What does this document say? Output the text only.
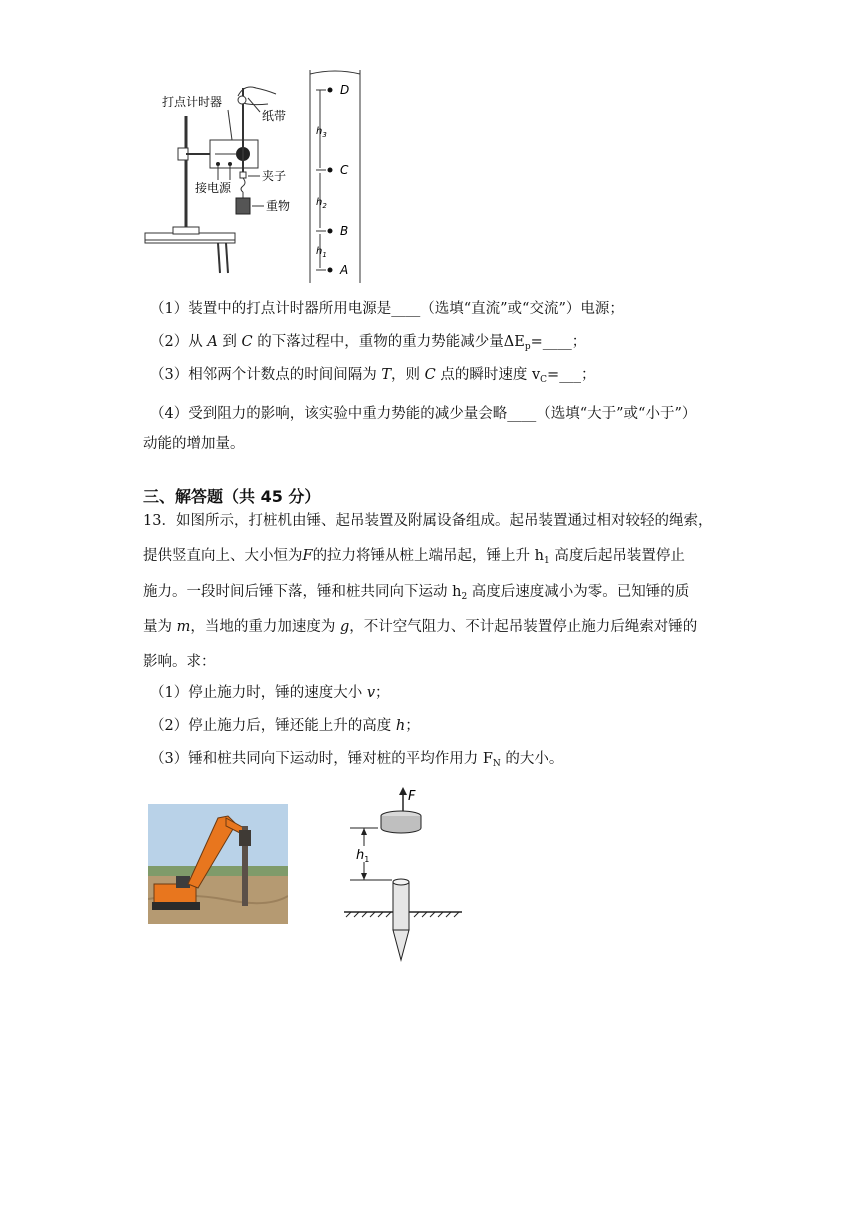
打点计时器
纸带
夹子
接电源
重物
D
C
B
A
$h_3$
$h_2$
$h_1$
（1）装置中的打点计时器所用电源是____（选填“直流”或“交流”）电源；
（2）从 A 到 C 的下落过程中，重物的重力势能减少量$\Delta E_p=\_\_\_\_$；
（3）相邻两个计数点的时间间隔为 T，则 C 点的瞬时速度 $v_C=\_\_\_$；
（4）受到阻力的影响，该实验中重力势能的减少量会略____（选填“大于”或“小于”）
动能的增加量。
三、解答题（共 45 分）
13．如图所示，打桩机由锤、起吊装置及附属设备组成。起吊装置通过相对较轻的绳索，
提供竖直向上、大小恒为F的拉力将锤从桩上端吊起，锤上升 $h_1$ 高度后起吊装置停止
施力。一段时间后锤下落，锤和桩共同向下运动 $h_2$ 高度后速度减小为零。已知锤的质
量为 m，当地的重力加速度为 g，不计空气阻力、不计起吊装置停止施力后绳索对锤的
影响。求：
（1）停止施力时，锤的速度大小 v；
（2）停止施力后，锤还能上升的高度 h；
（3）锤和桩共同向下运动时，锤对桩的平均作用力 $F_N$ 的大小。
F
$h_1$
